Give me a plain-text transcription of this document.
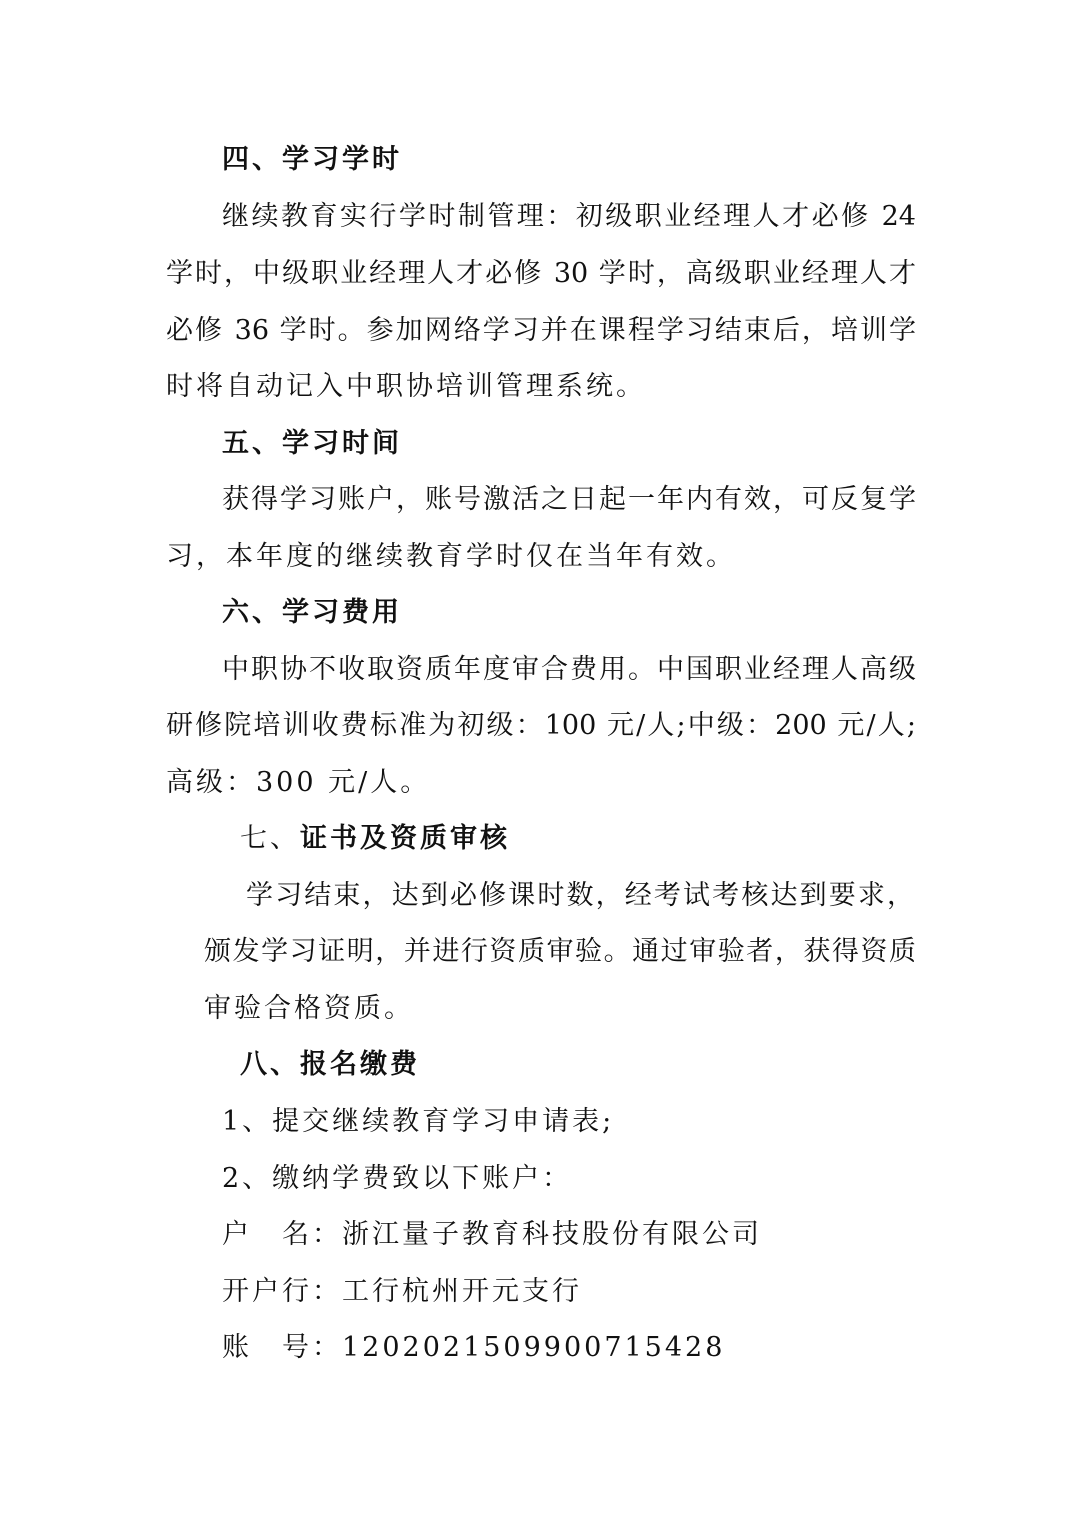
四、学习学时
继续教育实行学时制管理：初级职业经理人才必修 24
学时，中级职业经理人才必修 30 学时，高级职业经理人才
必修 36 学时。参加网络学习并在课程学习结束后，培训学
时将自动记入中职协培训管理系统。
五、学习时间
获得学习账户，账号激活之日起一年内有效，可反复学
习，本年度的继续教育学时仅在当年有效。
六、学习费用
中职协不收取资质年度审合费用。中国职业经理人高级
研修院培训收费标准为初级：100 元/人;中级：200 元/人;
高级：300 元/人。
七、证书及资质审核
学习结束，达到必修课时数，经考试考核达到要求，
颁发学习证明，并进行资质审验。通过审验者，获得资质
审验合格资质。
八、报名缴费
1、提交继续教育学习申请表;
2、缴纳学费致以下账户：
户　名：浙江量子教育科技股份有限公司
开户行：工行杭州开元支行
账　号：1202021509900715428
